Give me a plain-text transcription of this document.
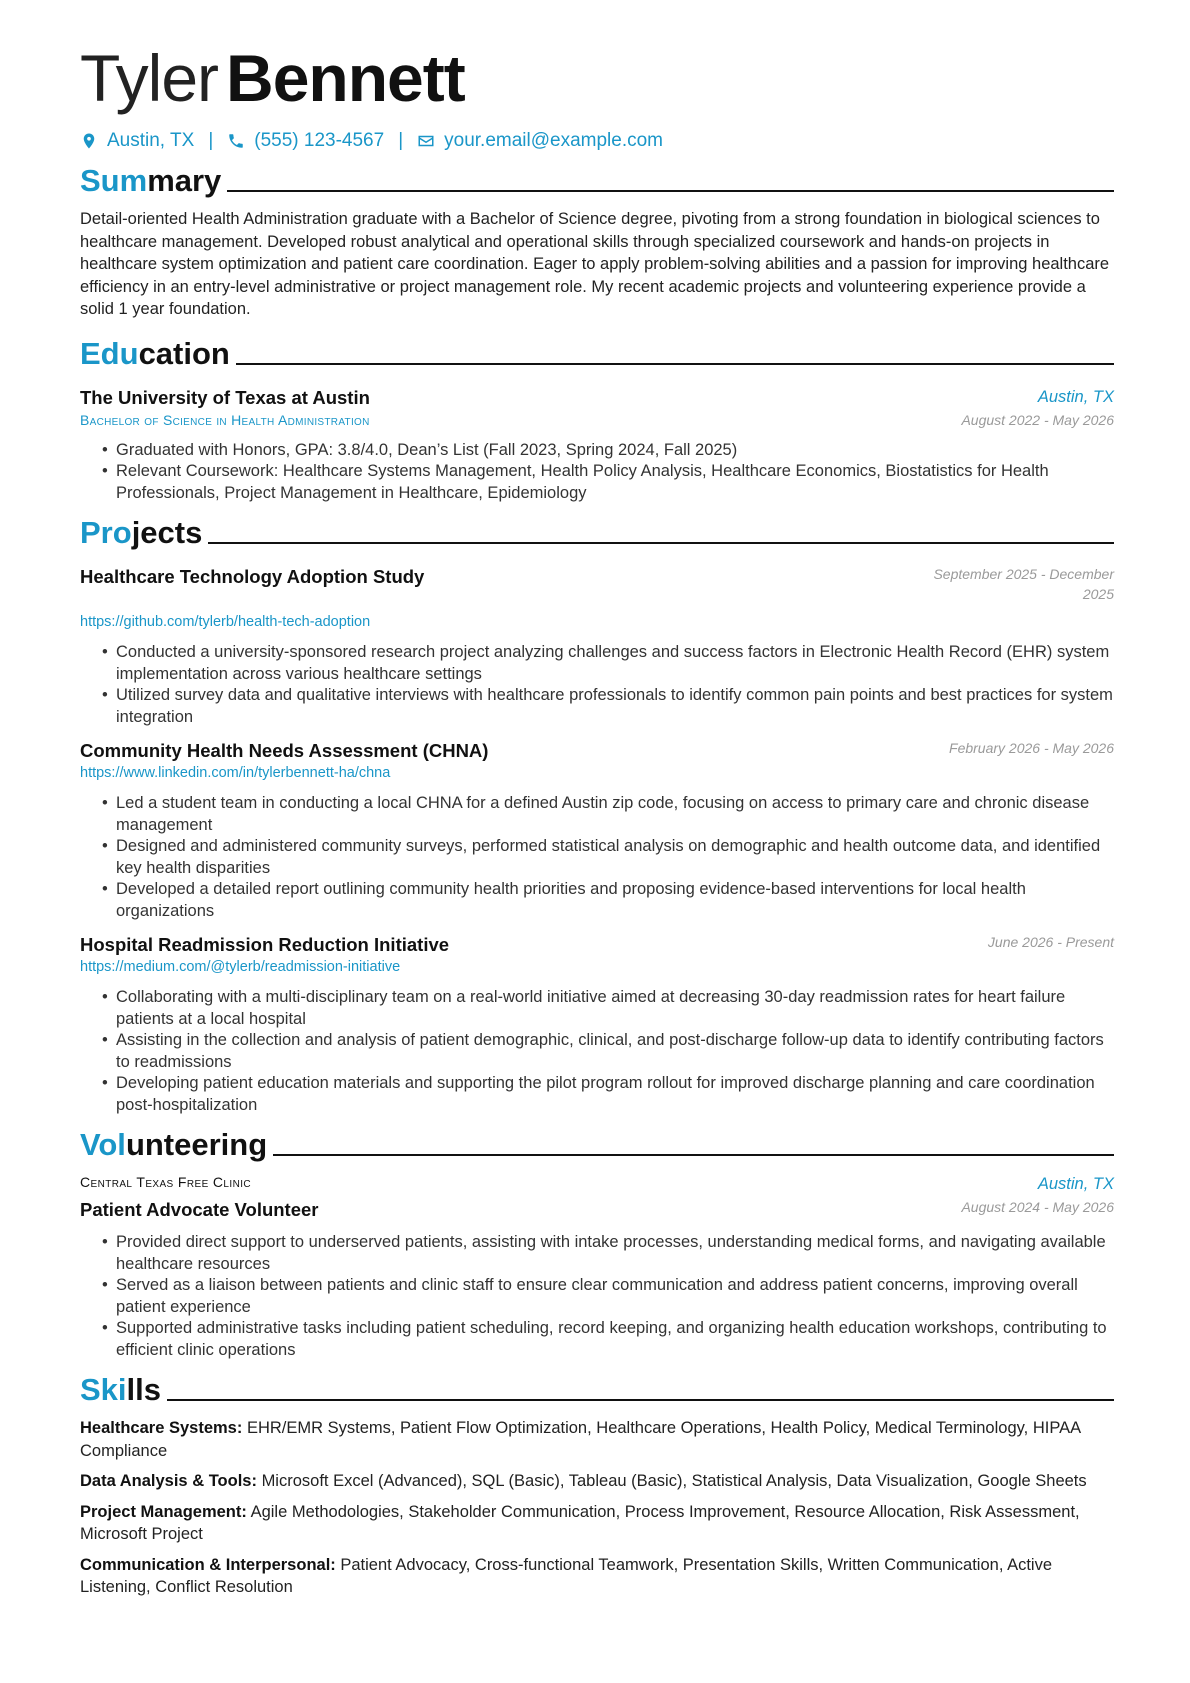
Tyler Bennett
Austin, TX | (555) 123-4567 | your.email@example.com
Summary
Detail-oriented Health Administration graduate with a Bachelor of Science degree, pivoting from a strong foundation in biological sciences to healthcare management. Developed robust analytical and operational skills through specialized coursework and hands-on projects in healthcare system optimization and patient care coordination. Eager to apply problem-solving abilities and a passion for improving healthcare efficiency in an entry-level administrative or project management role. My recent academic projects and volunteering experience provide a solid 1 year foundation.
Education
The University of Texas at Austin	Austin, TX
Bachelor of Science in Health Administration	August 2022 - May 2026
• Graduated with Honors, GPA: 3.8/4.0, Dean’s List (Fall 2023, Spring 2024, Fall 2025)
• Relevant Coursework: Healthcare Systems Management, Health Policy Analysis, Healthcare Economics, Biostatistics for Health Professionals, Project Management in Healthcare, Epidemiology
Projects
Healthcare Technology Adoption Study	September 2025 - December 2025
https://github.com/tylerb/health-tech-adoption
• Conducted a university-sponsored research project analyzing challenges and success factors in Electronic Health Record (EHR) system implementation across various healthcare settings
• Utilized survey data and qualitative interviews with healthcare professionals to identify common pain points and best practices for system integration
Community Health Needs Assessment (CHNA)	February 2026 - May 2026
https://www.linkedin.com/in/tylerbennett-ha/chna
• Led a student team in conducting a local CHNA for a defined Austin zip code, focusing on access to primary care and chronic disease management
• Designed and administered community surveys, performed statistical analysis on demographic and health outcome data, and identified key health disparities
• Developed a detailed report outlining community health priorities and proposing evidence-based interventions for local health organizations
Hospital Readmission Reduction Initiative	June 2026 - Present
https://medium.com/@tylerb/readmission-initiative
• Collaborating with a multi-disciplinary team on a real-world initiative aimed at decreasing 30-day readmission rates for heart failure patients at a local hospital
• Assisting in the collection and analysis of patient demographic, clinical, and post-discharge follow-up data to identify contributing factors to readmissions
• Developing patient education materials and supporting the pilot program rollout for improved discharge planning and care coordination post-hospitalization
Volunteering
Central Texas Free Clinic	Austin, TX
Patient Advocate Volunteer	August 2024 - May 2026
• Provided direct support to underserved patients, assisting with intake processes, understanding medical forms, and navigating available healthcare resources
• Served as a liaison between patients and clinic staff to ensure clear communication and address patient concerns, improving overall patient experience
• Supported administrative tasks including patient scheduling, record keeping, and organizing health education workshops, contributing to efficient clinic operations
Skills
Healthcare Systems: EHR/EMR Systems, Patient Flow Optimization, Healthcare Operations, Health Policy, Medical Terminology, HIPAA Compliance
Data Analysis & Tools: Microsoft Excel (Advanced), SQL (Basic), Tableau (Basic), Statistical Analysis, Data Visualization, Google Sheets
Project Management: Agile Methodologies, Stakeholder Communication, Process Improvement, Resource Allocation, Risk Assessment, Microsoft Project
Communication & Interpersonal: Patient Advocacy, Cross-functional Teamwork, Presentation Skills, Written Communication, Active Listening, Conflict Resolution
